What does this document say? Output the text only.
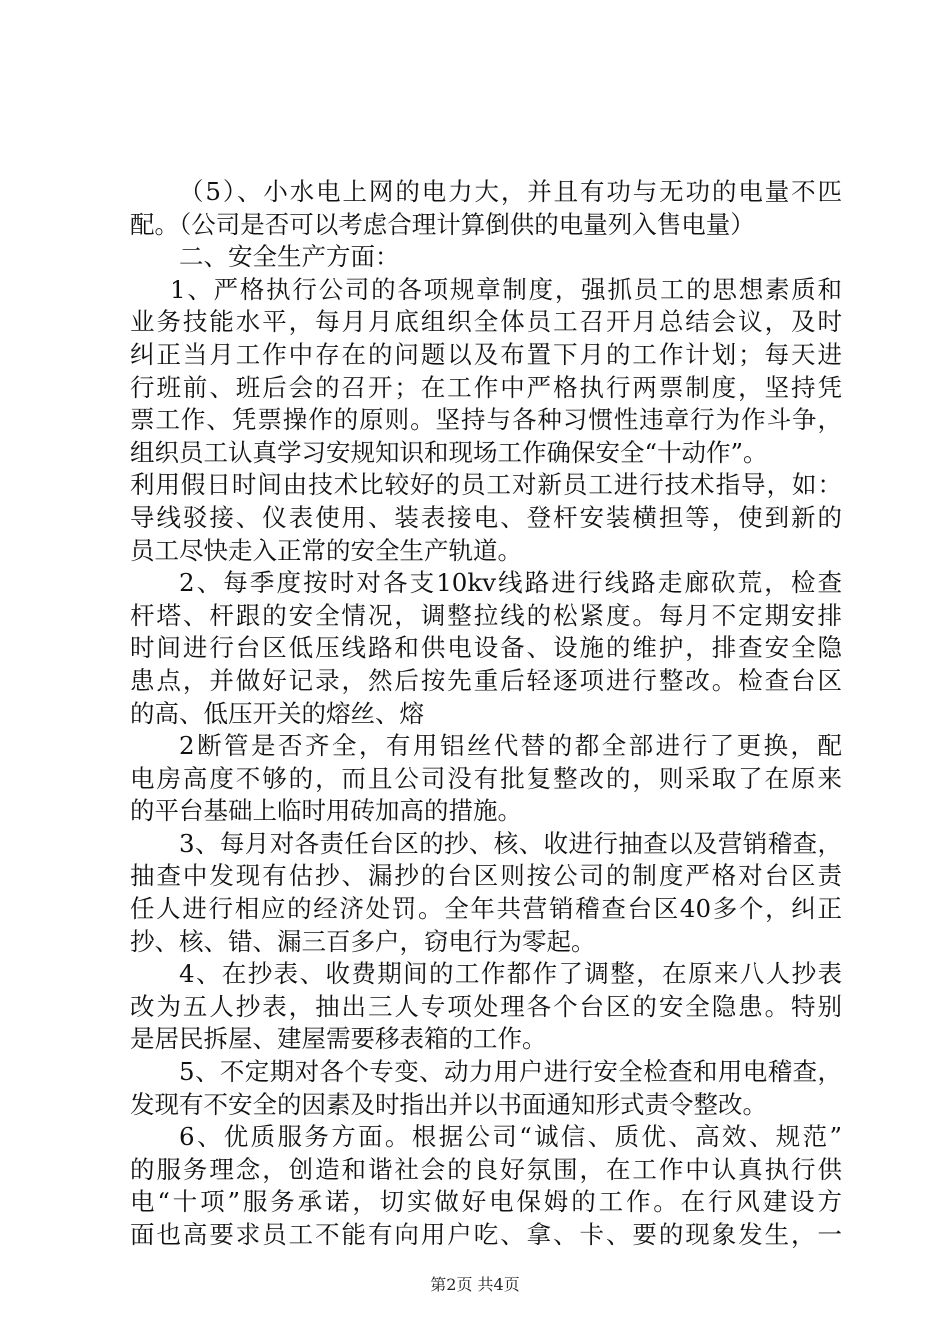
（5）、小水电上网的电力大，并且有功与无功的电量不匹
配。（公司是否可以考虑合理计算倒供的电量列入售电量）
二、安全生产方面：
1、严格执行公司的各项规章制度，强抓员工的思想素质和
业务技能水平，每月月底组织全体员工召开月总结会议，及时
纠正当月工作中存在的问题以及布置下月的工作计划；每天进
行班前、班后会的召开；在工作中严格执行两票制度，坚持凭
票工作、凭票操作的原则。坚持与各种习惯性违章行为作斗争，
组织员工认真学习安规知识和现场工作确保安全“十动作”。
利用假日时间由技术比较好的员工对新员工进行技术指导，如：
导线驳接、仪表使用、装表接电、登杆安装横担等，使到新的
员工尽快走入正常的安全生产轨道。
2、每季度按时对各支10kv线路进行线路走廊砍荒，检查
杆塔、杆跟的安全情况，调整拉线的松紧度。每月不定期安排
时间进行台区低压线路和供电设备、设施的维护，排查安全隐
患点，并做好记录，然后按先重后轻逐项进行整改。检查台区
的高、低压开关的熔丝、熔
2断管是否齐全，有用铝丝代替的都全部进行了更换，配
电房高度不够的，而且公司没有批复整改的，则采取了在原来
的平台基础上临时用砖加高的措施。
3、每月对各责任台区的抄、核、收进行抽查以及营销稽查，
抽查中发现有估抄、漏抄的台区则按公司的制度严格对台区责
任人进行相应的经济处罚。全年共营销稽查台区40多个，纠正
抄、核、错、漏三百多户，窃电行为零起。
4、在抄表、收费期间的工作都作了调整，在原来八人抄表
改为五人抄表，抽出三人专项处理各个台区的安全隐患。特别
是居民拆屋、建屋需要移表箱的工作。
5、不定期对各个专变、动力用户进行安全检查和用电稽查，
发现有不安全的因素及时指出并以书面通知形式责令整改。
6、优质服务方面。根据公司“诚信、质优、高效、规范”
的服务理念，创造和谐社会的良好氛围，在工作中认真执行供
电“十项”服务承诺，切实做好电保姆的工作。在行风建设方
面也高要求员工不能有向用户吃、拿、卡、要的现象发生，一
第2页 共4页
